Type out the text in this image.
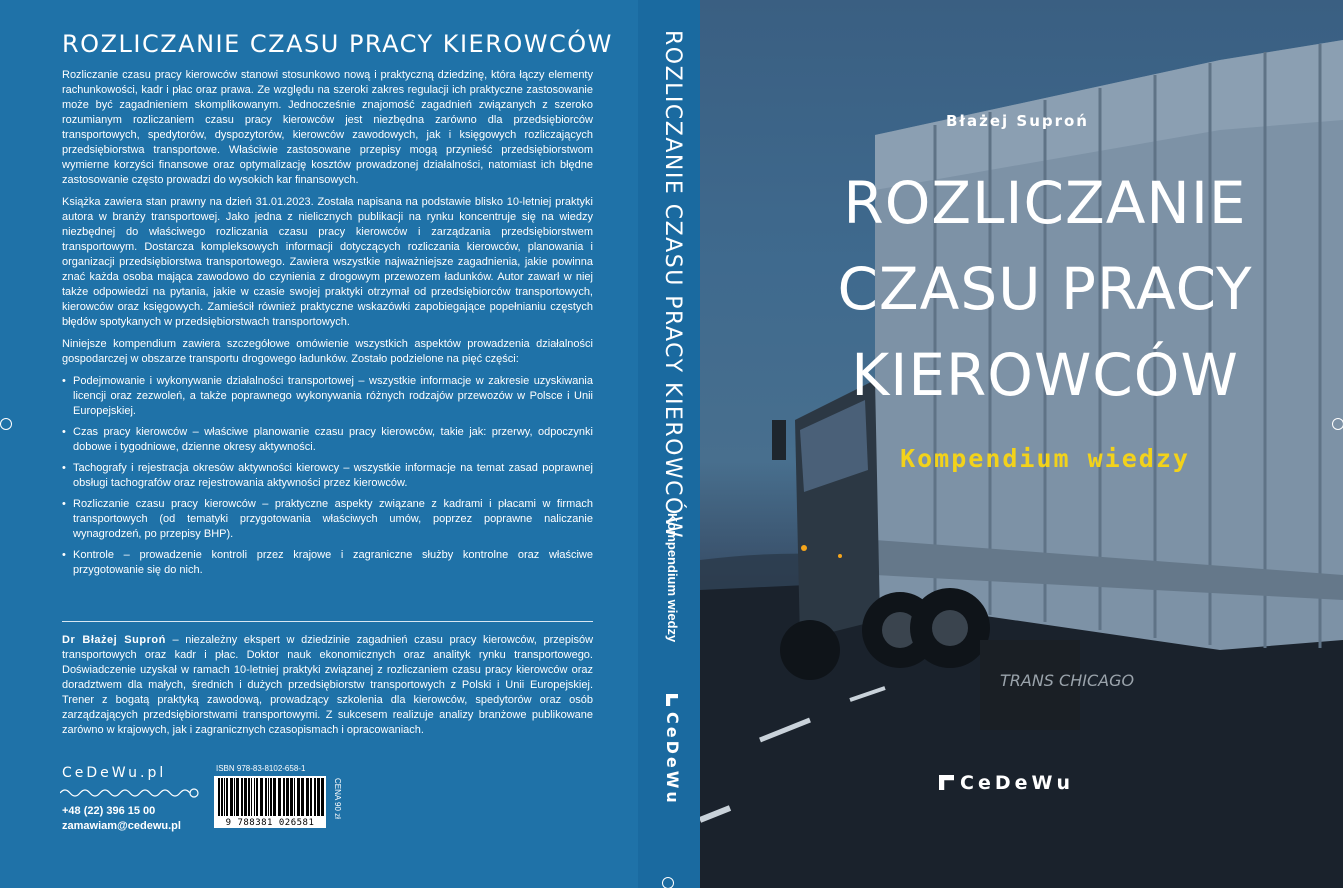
ROZLICZANIE CZASU PRACY KIEROWCÓW

Rozliczanie czasu pracy kierowców stanowi stosunkowo nową i praktyczną dziedzinę, która łączy elementy rachunkowości, kadr i płac oraz prawa. Ze względu na szeroki zakres regulacji ich praktyczne zastosowanie może być zagadnieniem skomplikowanym. Jednocześnie znajomość zagadnień związanych z szeroko rozumianym rozliczaniem czasu pracy kierowców jest niezbędna zarówno dla przedsiębiorców transportowych, spedytorów, dyspozytorów, kierowców zawodowych, jak i księgowych rozliczających przedsiębiorstwa transportowe. Właściwie zastosowane przepisy mogą przynieść przedsiębiorstwom wymierne korzyści finansowe oraz optymalizację kosztów prowadzonej działalności, natomiast ich błędne zastosowanie często prowadzi do wysokich kar finansowych.

Książka zawiera stan prawny na dzień 31.01.2023. Została napisana na podstawie blisko 10-letniej praktyki autora w branży transportowej. Jako jedna z nielicznych publikacji na rynku koncentruje się na wiedzy niezbędnej do właściwego rozliczania czasu pracy kierowców i zarządzania przedsiębiorstwem transportowym. Dostarcza kompleksowych informacji dotyczących rozliczania kierowców, planowania i organizacji przedsiębiorstwa transportowego. Zawiera wszystkie najważniejsze zagadnienia, jakie powinna znać każda osoba mająca zawodowo do czynienia z drogowym przewozem ładunków. Autor zawarł w niej także odpowiedzi na pytania, jakie w czasie swojej praktyki otrzymał od przedsiębiorców transportowych, kierowców oraz księgowych. Zamieścił również praktyczne wskazówki zapobiegające popełnianiu częstych błędów spotykanych w przedsiębiorstwach transportowych.

Niniejsze kompendium zawiera szczegółowe omówienie wszystkich aspektów prowadzenia działalności gospodarczej w obszarze transportu drogowego ładunków. Zostało podzielone na pięć części:

• Podejmowanie i wykonywanie działalności transportowej – wszystkie informacje w zakresie uzyskiwania licencji oraz zezwoleń, a także poprawnego wykonywania różnych rodzajów przewozów w Polsce i Unii Europejskiej.
• Czas pracy kierowców – właściwe planowanie czasu pracy kierowców, takie jak: przerwy, odpoczynki dobowe i tygodniowe, dzienne okresy aktywności.
• Tachografy i rejestracja okresów aktywności kierowcy – wszystkie informacje na temat zasad poprawnej obsługi tachografów oraz rejestrowania aktywności przez kierowców.
• Rozliczanie czasu pracy kierowców – praktyczne aspekty związane z kadrami i płacami w firmach transportowych (od tematyki przygotowania właściwych umów, poprzez poprawne naliczanie wynagrodzeń, po przepisy BHP).
• Kontrole – prowadzenie kontroli przez krajowe i zagraniczne służby kontrolne oraz właściwe przygotowanie się do nich.
Dr Błażej Suproń – niezależny ekspert w dziedzinie zagadnień czasu pracy kierowców, przepisów transportowych oraz kadr i płac. Doktor nauk ekonomicznych oraz analityk rynku transportowego. Doświadczenie uzyskał w ramach 10-letniej praktyki związanej z rozliczaniem czasu pracy kierowców oraz doradztwem dla małych, średnich i dużych przedsiębiorstw transportowych z Polski i Unii Europejskiej. Trener z bogatą praktyką zawodową, prowadzący szkolenia dla kierowców, spedytorów oraz osób zarządzających przedsiębiorstwami transportowymi. Z sukcesem realizuje analizy branżowe publikowane zarówno w krajowych, jak i zagranicznych czasopismach i opracowaniach.
CeDeWu.pl
+48 (22) 396 15 00
zamawiam@cedewu.pl
ISBN 978-83-8102-658-1
9 788381 026581
CENA 90 zł
ROZLICZANIE CZASU PRACY KIEROWCÓW
Kompendium wiedzy
CeDeWu
TRANS CHICAGO
Błażej Suproń
ROZLICZANIE
CZASU PRACY
KIEROWCÓW
Kompendium wiedzy
CeDeWu
